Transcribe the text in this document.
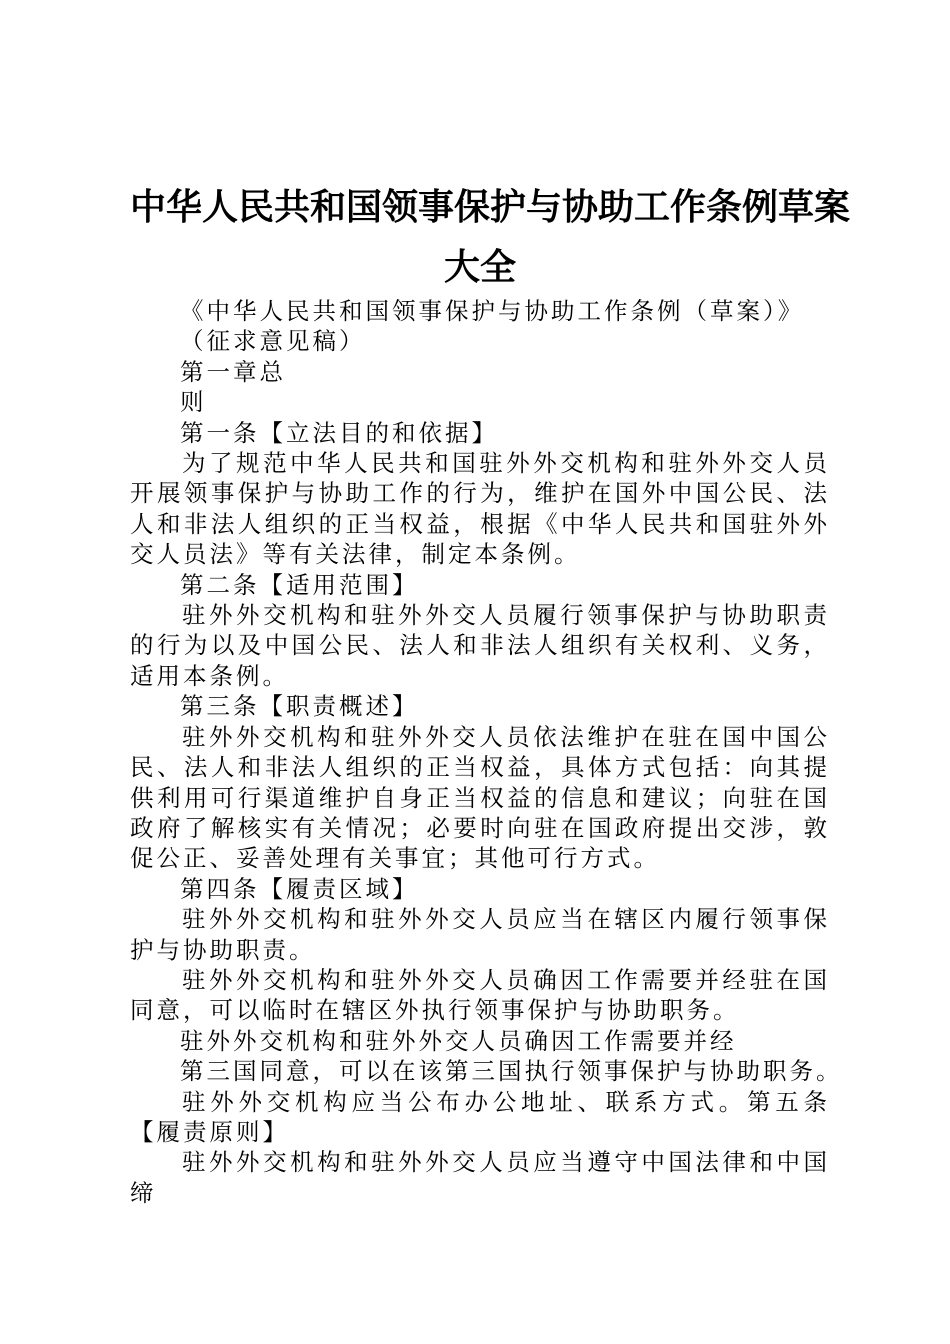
中华人民共和国领事保护与协助工作条例草案
大全

《中华人民共和国领事保护与协助工作条例（草案）》

（征求意见稿）

第一章总

则

第一条【立法目的和依据】

为了规范中华人民共和国驻外外交机构和驻外外交人员开展领事保护与协助工作的行为，维护在国外中国公民、法人和非法人组织的正当权益，根据《中华人民共和国驻外外交人员法》等有关法律，制定本条例。

第二条【适用范围】

驻外外交机构和驻外外交人员履行领事保护与协助职责的行为以及中国公民、法人和非法人组织有关权利、义务，适用本条例。

第三条【职责概述】

驻外外交机构和驻外外交人员依法维护在驻在国中国公民、法人和非法人组织的正当权益，具体方式包括：向其提供利用可行渠道维护自身正当权益的信息和建议；向驻在国政府了解核实有关情况；必要时向驻在国政府提出交涉，敦促公正、妥善处理有关事宜；其他可行方式。

第四条【履责区域】

驻外外交机构和驻外外交人员应当在辖区内履行领事保护与协助职责。

驻外外交机构和驻外外交人员确因工作需要并经驻在国同意，可以临时在辖区外执行领事保护与协助职务。

驻外外交机构和驻外外交人员确因工作需要并经

第三国同意，可以在该第三国执行领事保护与协助职务。

驻外外交机构应当公布办公地址、联系方式。第五条【履责原则】

驻外外交机构和驻外外交人员应当遵守中国法律和中国缔
